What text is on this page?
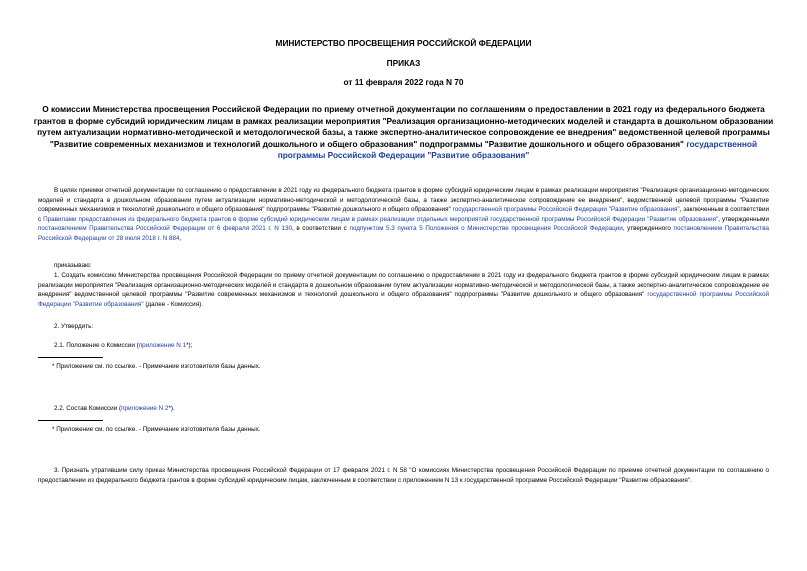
МИНИСТЕРСТВО ПРОСВЕЩЕНИЯ РОССИЙСКОЙ ФЕДЕРАЦИИ
ПРИКАЗ
от 11 февраля 2022 года N 70
О комиссии Министерства просвещения Российской Федерации по приему отчетной документации по соглашениям о предоставлении в 2021 году из федерального бюджета грантов в форме субсидий юридическим лицам в рамках реализации мероприятия "Реализация организационно-методических моделей и стандарта в дошкольном образовании путем актуализации нормативно-методической и методологической базы, а также экспертно-аналитическое сопровождение ее внедрения" ведомственной целевой программы "Развитие современных механизмов и технологий дошкольного и общего образования" подпрограммы "Развитие дошкольного и общего образования" государственной программы Российской Федерации "Развитие образования"
В целях приемки отчетной документации по соглашению о предоставлении в 2021 году из федерального бюджета грантов в форме субсидий юридическим лицам в рамках реализации мероприятия "Реализация организационно-методических моделей и стандарта в дошкольном образовании путем актуализации нормативно-методической и методологической базы, а также экспертно-аналитическое сопровождение ее внедрения", ведомственной целевой программы "Развитие современных механизмов и технологий дошкольного и общего образования" подпрограммы "Развитие дошкольного и общего образования" государственной программы Российской Федерации "Развитие образования", заключенным в соответствии с Правилами предоставления из федерального бюджета грантов в форме субсидий юридическим лицам в рамках реализации отдельных мероприятий государственной программы Российской Федерации "Развитие образования", утвержденными постановлением Правительства Российской Федерации от 6 февраля 2021 г. N 130, в соответствии с подпунктом 5.3 пункта 5 Положения о Министерстве просвещения Российской Федерации, утвержденного постановлением Правительства Российской Федерации от 28 июля 2018 г. N 884,
приказываю:
1. Создать комиссию Министерства просвещения Российской Федерации по приему отчетной документации по соглашению о предоставлении в 2021 году из федерального бюджета грантов в форме субсидий юридическим лицам в рамках реализации мероприятия "Реализация организационно-методических моделей и стандарта в дошкольном образовании путем актуализации нормативно-методической и методологической базы, а также экспертно-аналитическое сопровождение ее внедрения" ведомственной целевой программы "Развитие современных механизмов и технологий дошкольного и общего образования" подпрограммы "Развитие дошкольного и общего образования" государственной программы Российской Федерации "Развитие образования" (далее - Комиссия).
2. Утвердить:
2.1. Положение о Комиссии (приложение N 1*);
* Приложение см. по ссылке. - Примечание изготовителя базы данных.
2.2. Состав Комиссии (приложение N 2*).
* Приложение см. по ссылке. - Примечание изготовителя базы данных.
3. Признать утратившим силу приказ Министерства просвещения Российской Федерации от 17 февраля 2021 г. N 58 "О комиссиях Министерства просвещения Российской Федерации по приемке отчетной документации по соглашению о предоставлении из федерального бюджета грантов в форме субсидий юридическим лицам, заключенным в соответствии с приложением N 13 к государственной программе Российской Федерации "Развитие образования".
